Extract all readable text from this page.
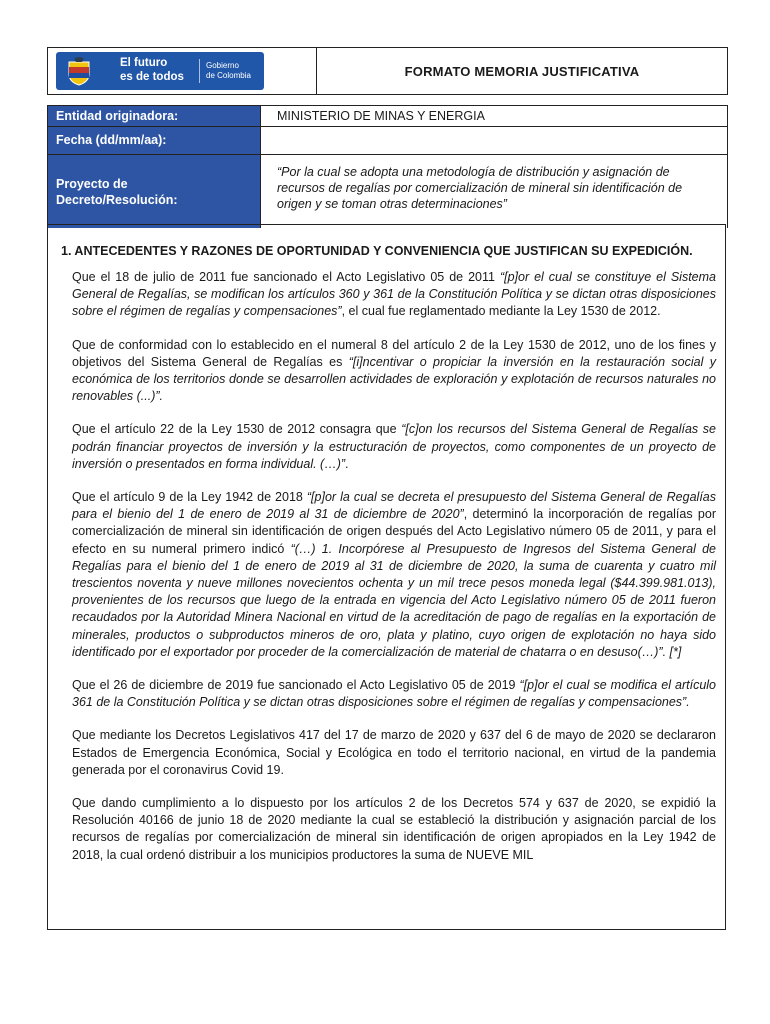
El futuro
es de todos
Gobierno
de Colombia	FORMATO MEMORIA JUSTIFICATIVA
Entidad originadora:	MINISTERIO DE MINAS Y ENERGIA
Fecha (dd/mm/aa):
Proyecto de
Decreto/Resolución:
“Por la cual se adopta una metodología de distribución y asignación de recursos de regalías por comercialización de mineral sin identificación de origen y se toman otras determinaciones”
1. ANTECEDENTES Y RAZONES DE OPORTUNIDAD Y CONVENIENCIA QUE JUSTIFICAN SU EXPEDICIÓN.

Que el 18 de julio de 2011 fue sancionado el Acto Legislativo 05 de 2011 “[p]or el cual se constituye el Sistema General de Regalías, se modifican los artículos 360 y 361 de la Constitución Política y se dictan otras disposiciones sobre el régimen de regalías y compensaciones”, el cual fue reglamentado mediante la Ley 1530 de 2012.

Que de conformidad con lo establecido en el numeral 8 del artículo 2 de la Ley 1530 de 2012, uno de los fines y objetivos del Sistema General de Regalías es “[i]ncentivar o propiciar la inversión en la restauración social y económica de los territorios donde se desarrollen actividades de exploración y explotación de recursos naturales no renovables (...)”.

Que el artículo 22 de la Ley 1530 de 2012 consagra que “[c]on los recursos del Sistema General de Regalías se podrán financiar proyectos de inversión y la estructuración de proyectos, como componentes de un proyecto de inversión o presentados en forma individual. (…)”.

Que el artículo 9 de la Ley 1942 de 2018 “[p]or la cual se decreta el presupuesto del Sistema General de Regalías para el bienio del 1 de enero de 2019 al 31 de diciembre de 2020”, determinó la incorporación de regalías por comercialización de mineral sin identificación de origen después del Acto Legislativo número 05 de 2011, y para el efecto en su numeral primero indicó “(…) 1. Incorpórese al Presupuesto de Ingresos del Sistema General de Regalías para el bienio del 1 de enero de 2019 al 31 de diciembre de 2020, la suma de cuarenta y cuatro mil trescientos noventa y nueve millones novecientos ochenta y un mil trece pesos moneda legal ($44.399.981.013), provenientes de los recursos que luego de la entrada en vigencia del Acto Legislativo número 05 de 2011 fueron recaudados por la Autoridad Minera Nacional en virtud de la acreditación de pago de regalías en la exportación de minerales, productos o subproductos mineros de oro, plata y platino, cuyo origen de explotación no haya sido identificado por el exportador por proceder de la comercialización de material de chatarra o en desuso(…)”. [*]

Que el 26 de diciembre de 2019 fue sancionado el Acto Legislativo 05 de 2019 “[p]or el cual se modifica el artículo 361 de la Constitución Política y se dictan otras disposiciones sobre el régimen de regalías y compensaciones”.

Que mediante los Decretos Legislativos 417 del 17 de marzo de 2020 y 637 del 6 de mayo de 2020 se declararon Estados de Emergencia Económica, Social y Ecológica en todo el territorio nacional, en virtud de la pandemia generada por el coronavirus Covid 19.

Que dando cumplimiento a lo dispuesto por los artículos 2 de los Decretos 574 y 637 de 2020, se expidió la Resolución 40166 de junio 18 de 2020 mediante la cual se estableció la distribución y asignación parcial de los recursos de regalías por comercialización de mineral sin identificación de origen apropiados en la Ley 1942 de 2018, la cual ordenó distribuir a los municipios productores la suma de NUEVE MIL
